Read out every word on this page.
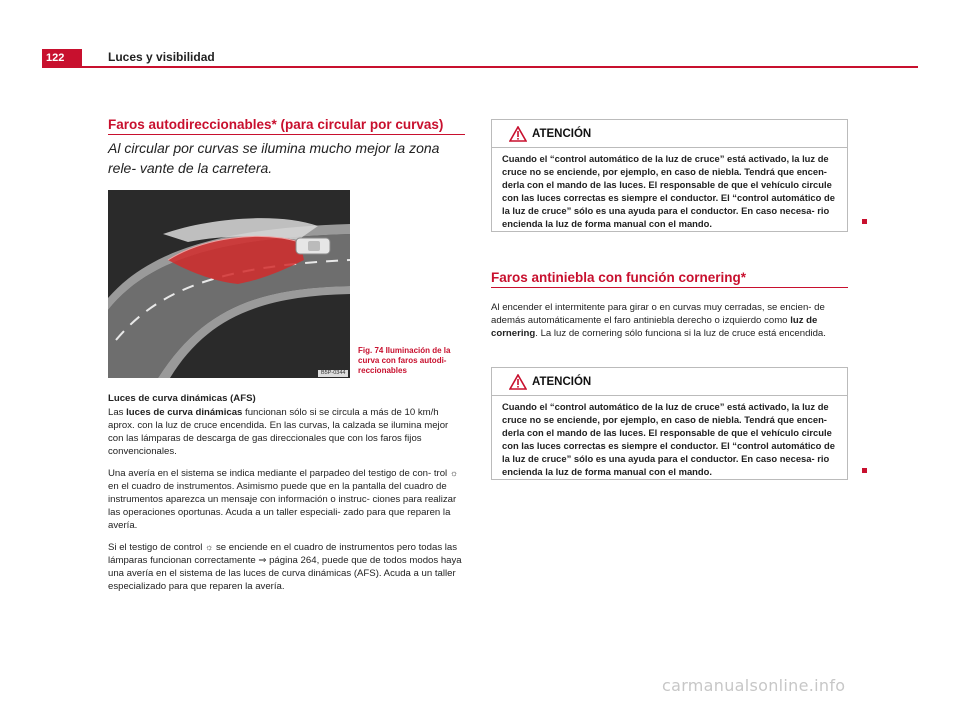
122	Luces y visibilidad
Faros autodireccionables* (para circular por curvas)
Al circular por curvas se ilumina mucho mejor la zona rele- vante de la carretera.
B5P-0344
Fig. 74 Iluminación de la curva con faros autodi- reccionables

Luces de curva dinámicas (AFS)

Las luces de curva dinámicas funcionan sólo si se circula a más de 10 km/h aprox. con la luz de cruce encendida. En las curvas, la calzada se ilumina mejor con las lámparas de descarga de gas direccionales que con los faros fijos convencionales.

Una avería en el sistema se indica mediante el parpadeo del testigo de con- trol ☼ en el cuadro de instrumentos. Asimismo puede que en la pantalla del cuadro de instrumentos aparezca un mensaje con información o instruc- ciones para realizar las operaciones oportunas. Acuda a un taller especiali- zado para que reparen la avería.

Si el testigo de control ☼ se enciende en el cuadro de instrumentos pero todas las lámparas funcionan correctamente ⇒ página 264, puede que de todos modos haya una avería en el sistema de las luces de curva dinámicas (AFS). Acuda a un taller especializado para que reparen la avería.

ATENCIÓN
Cuando el “control automático de la luz de cruce” está activado, la luz de cruce no se enciende, por ejemplo, en caso de niebla. Tendrá que encen- derla con el mando de las luces. El responsable de que el vehículo circule con las luces correctas es siempre el conductor. El “control automático de la luz de cruce” sólo es una ayuda para el conductor. En caso necesa- rio encienda la luz de forma manual con el mando.
Faros antiniebla con función cornering*

Al encender el intermitente para girar o en curvas muy cerradas, se encien- de además automáticamente el faro antiniebla derecho o izquierdo como luz de cornering. La luz de cornering sólo funciona si la luz de cruce está encendida.

ATENCIÓN
Cuando el “control automático de la luz de cruce” está activado, la luz de cruce no se enciende, por ejemplo, en caso de niebla. Tendrá que encen- derla con el mando de las luces. El responsable de que el vehículo circule con las luces correctas es siempre el conductor. El “control automático de la luz de cruce” sólo es una ayuda para el conductor. En caso necesa- rio encienda la luz de forma manual con el mando.
carmanualsonline.info
